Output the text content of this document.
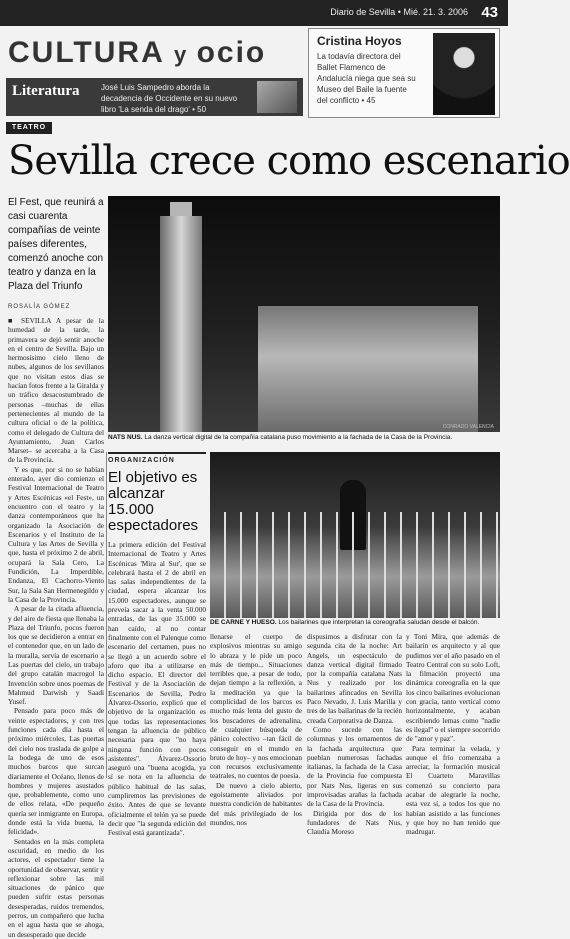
Diario de Sevilla • Mié. 21. 3. 2006 43
CULTURA y ocio
Literatura	José Luis Sampedro aborda la decadencia de Occidente en su nuevo libro 'La senda del drago' • 50
Cristina Hoyos
La todavía directora del Ballet Flamenco de Andalucía niega que sea su Museo del Baile la fuente del conflicto • 45
TEATRO
Sevilla crece como escenario
El Fest, que reunirá a casi cuarenta compañías de veinte países diferentes, comenzó anoche con teatro y danza en la Plaza del Triunfo
ROSALÍA GÓMEZ
CONRADO VALENCIA
NATS NUS. La danza vertical digital de la compañía catalana puso movimiento a la fachada de la Casa de la Provincia.

■ SEVILLA A pesar de la humedad de la tarde, la primavera se dejó sentir anoche en el centro de Sevilla. Bajo un hermosísimo cielo lleno de nubes, algunos de los sevillanos que no visitan estos días se hacían fotos frente a la Giralda y un tráfico desacostumbrado de personas –muchas de ellas pertenecientes al mundo de la cultura oficial o de la política, como el delegado de Cultura del Ayuntamiento, Juan Carlos Marset– se acercaba a la Casa de la Provincia.

Y es que, por si no se habían enterado, ayer dio comienzo el Festival Internacional de Teatro y Artes Escénicas «el Fest», un encuentro con el teatro y la danza contemporáneos que ha organizado la Asociación de Escenarios y el Instituto de la Cultura y las Artes de Sevilla y que, hasta el próximo 2 de abril, ocupará la Sala Cero, La Fundición, La Imperdible, Endanza, El Cachorro-Viento Sur, la Sala San Hermenegildo y la Casa de la Provincia.

A pesar de la citada afluencia, y del aire de fiesta que llenaba la Plaza del Triunfo, pocos fueron los que se decidieron a entrar en el contenedor que, en un lado de la muralla, servía de escenario a Las puertas del cielo, un trabajo del grupo catalán macrogol la Invención sobre unos poemas de Mahmud Darwish y Saadi Yusef.

Pensado para poco más de veinte espectadores, y con tres funciones cada día hasta el próximo miércoles, Las puertas del cielo nos traslada de golpe a la bodega de uno de esos muchos barcos que surcan diariamente el Océano, llenos de hombres y mujeres asustados que, probablemente, como uno de ellos relata, «De pequeño quería ser inmigrante en Europa, donde está la vida buena, la felicidad».

Sentados en la más completa oscuridad, en medio de los actores, el espectador tiene la oportunidad de observar, sentir y reflexionar sobre las mil situaciones de pánico que pueden sufrir estas personas desesperadas, ruidos tremendos, perros, un compañero que lucha en el agua hasta que se ahoga, un desesperado que decide

ORGANIZACIÓN
El objetivo es alcanzar 15.000 espectadores
La primera edición del Festival Internacional de Teatro y Artes Escénicas 'Mira al Sur', que se celebrará hasta el 2 de abril en las salas independientes de la ciudad, espera alcanzar los 15.000 espectadores, aunque se preveía sacar a la venta 50.000 entradas, de las que 35.000 se han caído, al no contar finalmente con el Palenque como escenario del certamen, pues no se llegó a un acuerdo sobre el aforo que iba a utilizarse en dicho espacio. El director del Festival y de la Asociación de Escenarios de Sevilla, Pedro Álvarez-Ossorio, explicó que el objetivo de la organización es que todas las representaciones tengan la afluencia de público necesaria para que "no haya ninguna función con pocos asistentes". Álvarez-Ossorio aseguró una "buena acogida, ya sí se nota en la afluencia de público habitual de las salas, cumpliremos las previsiones de éxito. Antes de que se levante oficialmente el telón ya se puede decir que "la segunda edición del Festival está garantizada".
DE CARNE Y HUESO. Los bailarines que interpretan la coreografía saludan desde el balcón.

llenarse el cuerpo de explosivos mientras su amigo lo abraza y le pide un poco más de tiempo... Situaciones terribles que, a pesar de todo, dejan tiempo a la reflexión, a la meditación ya que la complicidad de los barcos es mucho más lenta del gusto de los buscadores de adrenalina, de cualquier búsqueda de pánico colectivo –tan fácil de conseguir en el mundo en bruto de hoy– y nos emocionan con recursos exclusivamente teatrales, no cuentos de poesía.

De nuevo a cielo abierto, egoístamente aliviados por nuestra condición de habitantes del más privilegiado de los mundos, nos

dispusimos a disfrutar con la segunda cita de la noche: Art Angels, un espectáculo de danza vertical digital firmado por la compañía catalana Nats Nus y realizado por los bailarines afincados en Sevilla Paco Nevado, J. Luis Marilla y tres de las bailarinas de la recién creada Corporativa de Danza.

Como sucede con las columnas y los ornamentos de la fachada arquitectura que pueblan numerosas fachadas italianas, la fachada de la Casa de la Provincia fue compuesta por Nats Nus, ligeras en sus improvisadas arañas la fachada de la Casa de la Provincia.

Dirigida por dos de los fundadores de Nats Nus, Claudia Moreso

y Toni Mira, que además de bailarín es arquitecto y al que pudimos ver el año pasado en el Teatro Central con su solo Loft, la filmación proyectó una dinámica coreografía en la que los cinco bailarines evolucionan con gracia, tanto vertical como horizontalmente, y acaban escribiendo lemas como "nadie es ilegal" o el siempre socorrido de "amor y paz".

Para terminar la velada, y aunque el frío comenzaba a arreciar, la formación musical El Cuarteto Maravillas comenzó su concierto para acabar de alegrarle la noche, esta vez sí, a todos los que no habían asistido a las funciones y que hoy no han tenido que madrugar.
